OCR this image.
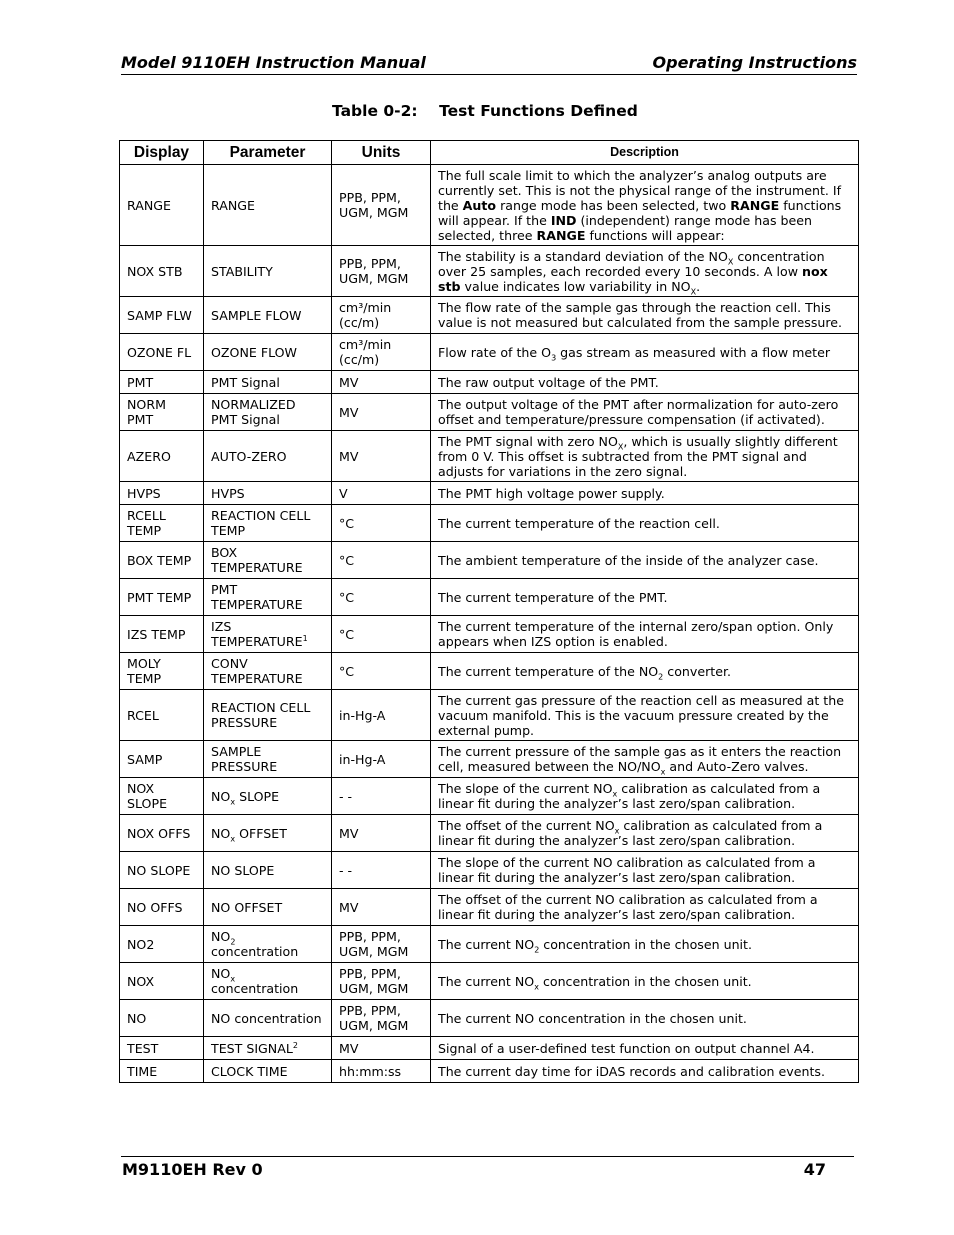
Model 9110EH Instruction Manual	Operating Instructions
Table 0-2:    Test Functions Defined
Display	Parameter	Units	Description
RANGE	RANGE	PPB, PPM, UGM, MGM	The full scale limit to which the analyzer’s analog outputs are currently set. This is not the physical range of the instrument. If the Auto range mode has been selected, two RANGE functions will appear. If the IND (independent) range mode has been selected, three RANGE functions will appear:
NOX STB	STABILITY	PPB, PPM, UGM, MGM	The stability is a standard deviation of the $NO_X$ concentration over 25 samples, each recorded every 10 seconds. A low nox stb value indicates low variability in $NO_X$.
SAMP FLW	SAMPLE FLOW	cm³/min (cc/m)	The flow rate of the sample gas through the reaction cell. This value is not measured but calculated from the sample pressure.
OZONE FL	OZONE FLOW	cm³/min (cc/m)	Flow rate of the $O_3$ gas stream as measured with a flow meter
PMT	PMT Signal	MV	The raw output voltage of the PMT.
NORM PMT	NORMALIZED PMT Signal	MV	The output voltage of the PMT after normalization for auto-zero offset and temperature/pressure compensation (if activated).
AZERO	AUTO-ZERO	MV	The PMT signal with zero $NO_X$, which is usually slightly different from 0 V. This offset is subtracted from the PMT signal and adjusts for variations in the zero signal.
HVPS	HVPS	V	The PMT high voltage power supply.
RCELL TEMP	REACTION CELL TEMP	°C	The current temperature of the reaction cell.
BOX TEMP	BOX TEMPERATURE	°C	The ambient temperature of the inside of the analyzer case.
PMT TEMP	PMT TEMPERATURE	°C	The current temperature of the PMT.
IZS TEMP	IZS TEMPERATURE$^1$	°C	The current temperature of the internal zero/span option. Only appears when IZS option is enabled.
MOLY TEMP	CONV TEMPERATURE	°C	The current temperature of the $NO_2$ converter.
RCEL	REACTION CELL PRESSURE	in-Hg-A	The current gas pressure of the reaction cell as measured at the vacuum manifold. This is the vacuum pressure created by the external pump.
SAMP	SAMPLE PRESSURE	in-Hg-A	The current pressure of the sample gas as it enters the reaction cell, measured between the $NO/NO_x$ and Auto-Zero valves.
NOX SLOPE	$NO_x$ SLOPE	- -	The slope of the current $NO_x$ calibration as calculated from a linear fit during the analyzer’s last zero/span calibration.
NOX OFFS	$NO_x$ OFFSET	MV	The offset of the current $NO_x$ calibration as calculated from a linear fit during the analyzer’s last zero/span calibration.
NO SLOPE	NO SLOPE	- -	The slope of the current NO calibration as calculated from a linear fit during the analyzer’s last zero/span calibration.
NO OFFS	NO OFFSET	MV	The offset of the current NO calibration as calculated from a linear fit during the analyzer’s last zero/span calibration.
NO2	$NO_2$ concentration	PPB, PPM, UGM, MGM	The current $NO_2$ concentration in the chosen unit.
NOX	$NO_x$ concentration	PPB, PPM, UGM, MGM	The current $NO_x$ concentration in the chosen unit.
NO	NO concentration	PPB, PPM, UGM, MGM	The current NO concentration in the chosen unit.
TEST	TEST SIGNAL$^2$	MV	Signal of a user-defined test function on output channel A4.
TIME	CLOCK TIME	hh:mm:ss	The current day time for iDAS records and calibration events.
M9110EH Rev 0	47
